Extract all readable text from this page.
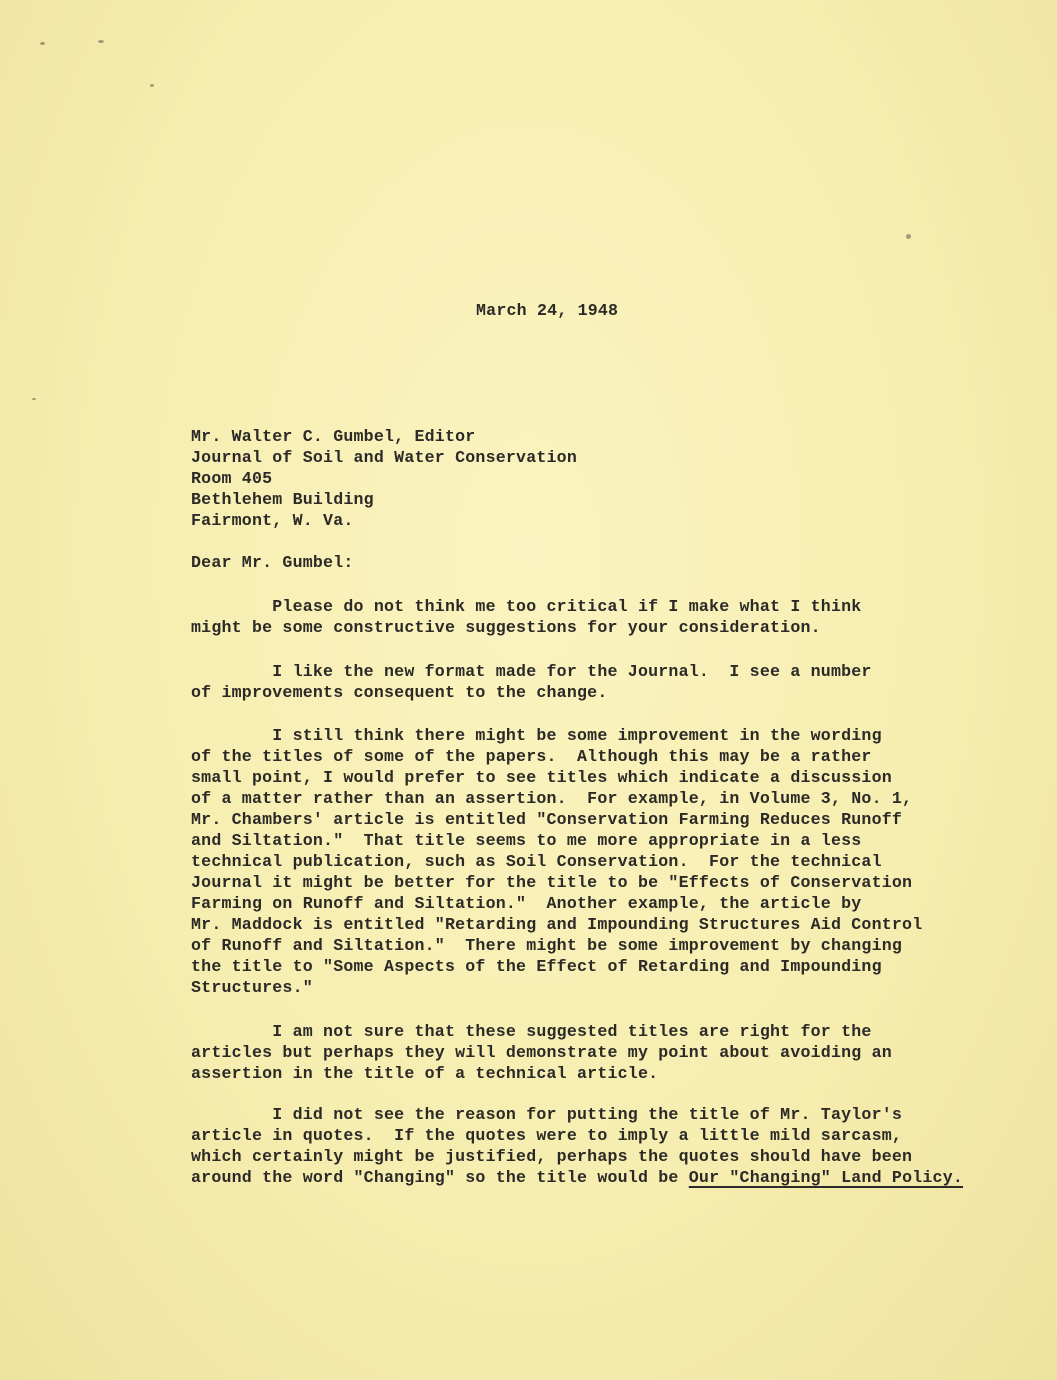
March 24, 1948
Mr. Walter C. Gumbel, Editor
Journal of Soil and Water Conservation
Room 405
Bethlehem Building
Fairmont, W. Va.
Dear Mr. Gumbel:
Please do not think me too critical if I make what I think
might be some constructive suggestions for your consideration.
I like the new format made for the Journal.  I see a number
of improvements consequent to the change.
I still think there might be some improvement in the wording
of the titles of some of the papers.  Although this may be a rather
small point, I would prefer to see titles which indicate a discussion
of a matter rather than an assertion.  For example, in Volume 3, No. 1,
Mr. Chambers' article is entitled "Conservation Farming Reduces Runoff
and Siltation."  That title seems to me more appropriate in a less
technical publication, such as Soil Conservation.  For the technical
Journal it might be better for the title to be "Effects of Conservation
Farming on Runoff and Siltation."  Another example, the article by
Mr. Maddock is entitled "Retarding and Impounding Structures Aid Control
of Runoff and Siltation."  There might be some improvement by changing
the title to "Some Aspects of the Effect of Retarding and Impounding
Structures."
I am not sure that these suggested titles are right for the
articles but perhaps they will demonstrate my point about avoiding an
assertion in the title of a technical article.
I did not see the reason for putting the title of Mr. Taylor's
article in quotes.  If the quotes were to imply a little mild sarcasm,
which certainly might be justified, perhaps the quotes should have been
around the word "Changing" so the title would be Our "Changing" Land Policy.
